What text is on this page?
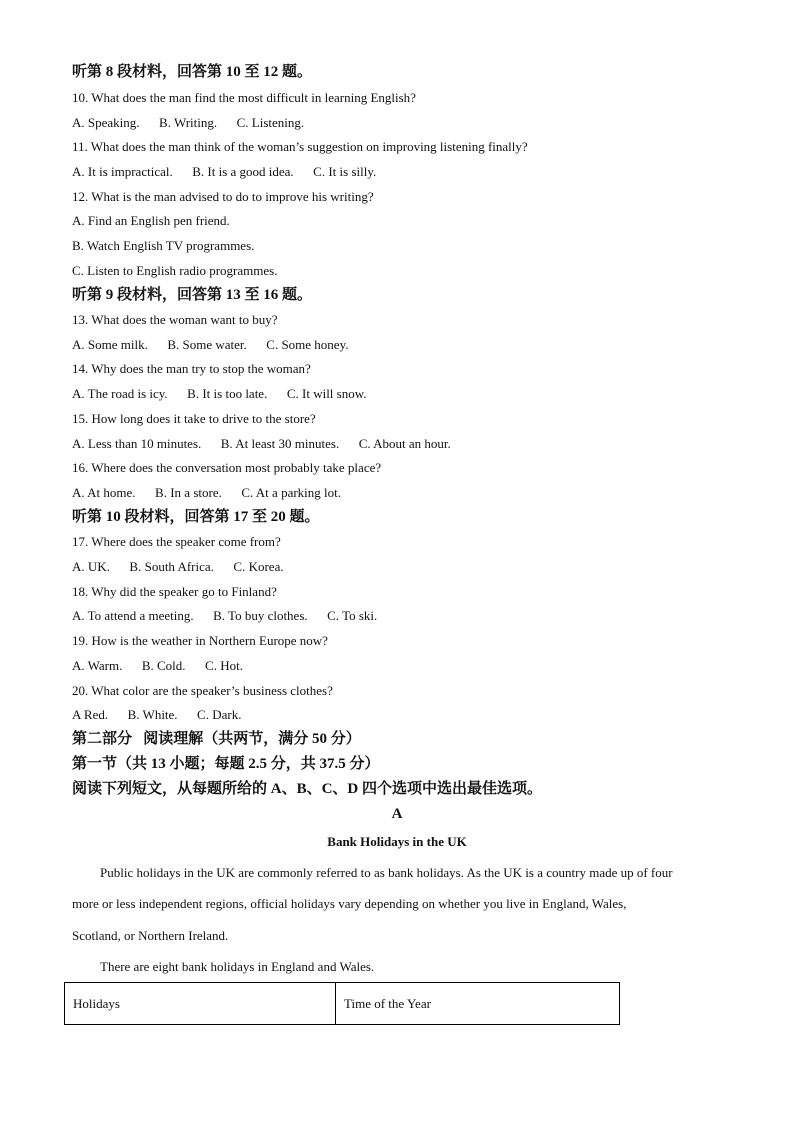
听第 8 段材料，回答第 10 至 12 题。
10. What does the man find the most difficult in learning English?
A. Speaking.      B. Writing.      C. Listening.
11. What does the man think of the woman’s suggestion on improving listening finally?
A. It is impractical.      B. It is a good idea.      C. It is silly.
12. What is the man advised to do to improve his writing?
A. Find an English pen friend.
B. Watch English TV programmes.
C. Listen to English radio programmes.
听第 9 段材料，回答第 13 至 16 题。
13. What does the woman want to buy?
A. Some milk.      B. Some water.      C. Some honey.
14. Why does the man try to stop the woman?
A. The road is icy.      B. It is too late.      C. It will snow.
15. How long does it take to drive to the store?
A. Less than 10 minutes.      B. At least 30 minutes.      C. About an hour.
16. Where does the conversation most probably take place?
A. At home.      B. In a store.      C. At a parking lot.
听第 10 段材料，回答第 17 至 20 题。
17. Where does the speaker come from?
A. UK.      B. South Africa.      C. Korea.
18. Why did the speaker go to Finland?
A. To attend a meeting.      B. To buy clothes.      C. To ski.
19. How is the weather in Northern Europe now?
A. Warm.      B. Cold.      C. Hot.
20. What color are the speaker’s business clothes?
A Red.      B. White.      C. Dark.
第二部分   阅读理解（共两节，满分 50 分）
第一节（共 13 小题；每题 2.5 分，共 37.5 分）
阅读下列短文，从每题所给的 A、B、C、D 四个选项中选出最佳选项。
A
Bank Holidays in the UK
Public holidays in the UK are commonly referred to as bank holidays. As the UK is a country made up of four
more or less independent regions, official holidays vary depending on whether you live in England, Wales,
Scotland, or Northern Ireland.
There are eight bank holidays in England and Wales.
Holidays	Time of the Year
